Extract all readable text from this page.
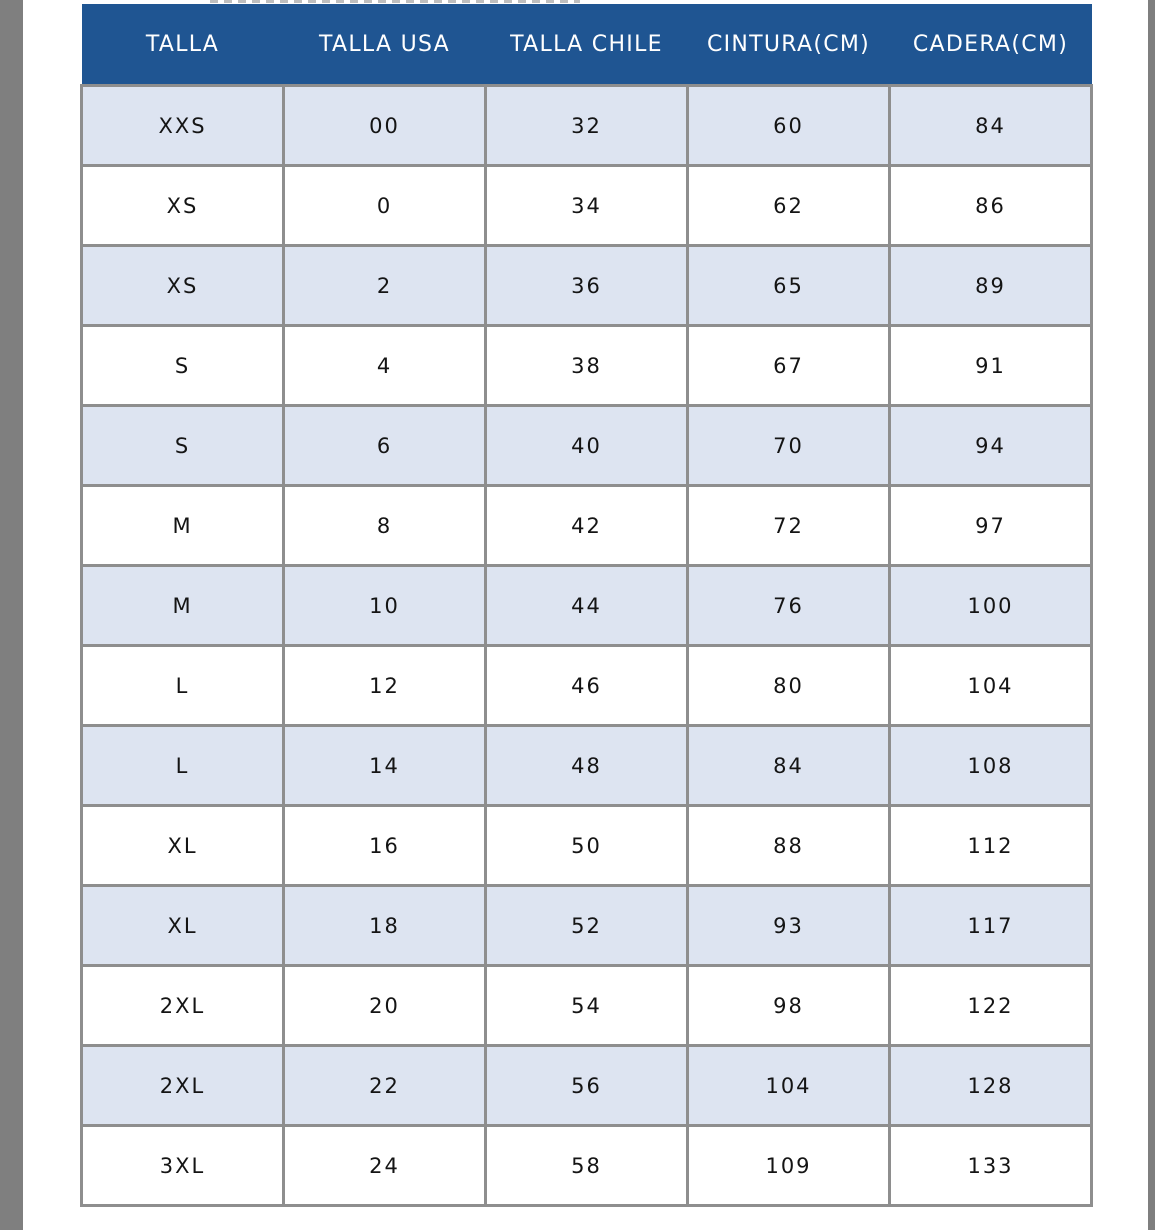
TALLA	TALLA USA	TALLA CHILE	CINTURA(CM)	CADERA(CM)
XXS	00	32	60	84
XS	0	34	62	86
XS	2	36	65	89
S	4	38	67	91
S	6	40	70	94
M	8	42	72	97
M	10	44	76	100
L	12	46	80	104
L	14	48	84	108
XL	16	50	88	112
XL	18	52	93	117
2XL	20	54	98	122
2XL	22	56	104	128
3XL	24	58	109	133
